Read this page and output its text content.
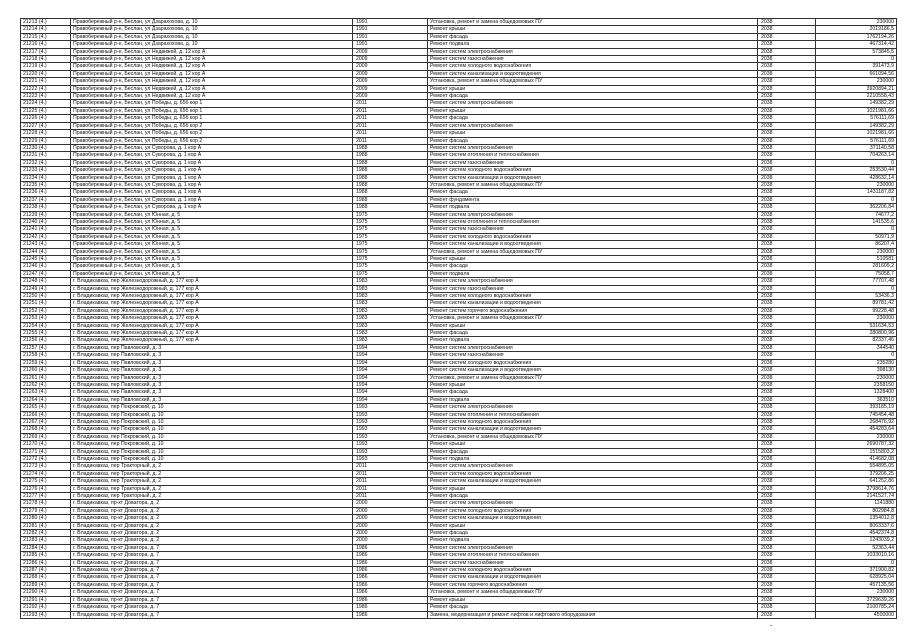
21213 (4.)	Правобережный р-н, Беслан, ул Дзарахохова, д. 10	1991	Установка, ремонт и замена общедомовых ПУ	2038	230000
21214 (4.)	Правобережный р-н, Беслан, ул Дзарахохова, д. 10	1991	Ремонт крыши	2038	2019186,5
21215 (4.)	Правобережный р-н, Беслан, ул Дзарахохова, д. 10	1991	Ремонт фасада	2038	1762194,26
21216 (4.)	Правобережный р-н, Беслан, ул Дзарахохова, д. 10	1991	Ремонт подвала	2038	467314,42
21217 (4.)	Правобережный р-н, Беслан, ул Недвижей, д. 12 кор А	2009	Ремонт систем электроснабжения	2038	573845,5
21218 (4.)	Правобережный р-н, Беслан, ул Недвижей, д. 12 кор А	2009	Ремонт систем газоснабжения	2038	0
21219 (4.)	Правобережный р-н, Беслан, ул Недвижей, д. 12 кор А	2009	Ремонт систем холодного водоснабжения	2038	391473,9
21220 (4.)	Правобережный р-н, Беслан, ул Недвижей, д. 12 кор А	2009	Ремонт систем канализации и водоотведения	2038	661094,56
21221 (4.)	Правобережный р-н, Беслан, ул Недвижей, д. 12 кор А	2009	Установка, ремонт и замена общедомовых ПУ	2038	230000
21222 (4.)	Правобережный р-н, Беслан, ул Недвижей, д. 12 кор А	2009	Ремонт крыши	2038	3920894,21
21223 (4.)	Правобережный р-н, Беслан, ул Недвижей, д. 12 кор А	2009	Ремонт фасада	2038	2210558,43
21224 (4.)	Правобережный р-н, Беслан, ул Победы, д. 65б кор 1	2011	Ремонт систем электроснабжения	2038	149382,29
21225 (4.)	Правобережный р-н, Беслан, ул Победы, д. 65б кор 1	2011	Ремонт крыши	2038	1021981,66
21226 (4.)	Правобережный р-н, Беслан, ул Победы, д. 65б кор 1	2011	Ремонт фасада	2038	576111,69
21227 (4.)	Правобережный р-н, Беслан, ул Победы, д. 65б кор 2	2011	Ремонт систем электроснабжения	2038	149382,29
21228 (4.)	Правобережный р-н, Беслан, ул Победы, д. 65б кор 2	2011	Ремонт крыши	2038	1021981,66
21229 (4.)	Правобережный р-н, Беслан, ул Победы, д. 65б кор 2	2011	Ремонт фасада	2038	576111,69
21230 (4.)	Правобережный р-н, Беслан, ул Суворова, д. 1 кор А	1988	Ремонт систем электроснабжения	2038	371140,58
21231 (4.)	Правобережный р-н, Беслан, ул Суворова, д. 1 кор А	1988	Ремонт систем отопления и теплоснабжения	2038	704263,14
21232 (4.)	Правобережный р-н, Беслан, ул Суворова, д. 1 кор А	1988	Ремонт систем газоснабжения	2038	0
21233 (4.)	Правобережный р-н, Беслан, ул Суворова, д. 1 кор А	1988	Ремонт систем холодного водоснабжения	2038	253530,44
21234 (4.)	Правобережный р-н, Беслан, ул Суворова, д. 1 кор А	1988	Ремонт систем канализации и водоотведения	2038	428632,14
21235 (4.)	Правобережный р-н, Беслан, ул Суворова, д. 1 кор А	1988	Установка, ремонт и замена общедомовых ПУ	2038	230000
21236 (4.)	Правобережный р-н, Беслан, ул Суворова, д. 1 кор А	1988	Ремонт фасада	2038	1431187,82
21237 (4.)	Правобережный р-н, Беслан, ул Суворова, д. 1 кор А	1988	Ремонт фундамента	2038	0
21238 (4.)	Правобережный р-н, Беслан, ул Суворова, д. 1 кор А	1988	Ремонт подвала	2038	362206,84
21239 (4.)	Правобережный р-н, Беслан, ул Юнная, д. 5	1975	Ремонт систем электроснабжения	2038	74677,2
21240 (4.)	Правобережный р-н, Беслан, ул Юнная, д. 5	1975	Ремонт систем отопления и теплоснабжения	2038	141535,6
21241 (4.)	Правобережный р-н, Беслан, ул Юнная, д. 5	1975	Ремонт систем газоснабжения	2038	0
21242 (4.)	Правобережный р-н, Беслан, ул Юнная, д. 5	1975	Ремонт систем холодного водоснабжения	2038	50971,9
21243 (4.)	Правобережный р-н, Беслан, ул Юнная, д. 5	1975	Ремонт систем канализации и водоотведения	2038	86207,4
21244 (4.)	Правобережный р-н, Беслан, ул Юнная, д. 5	1975	Установка, ремонт и замена общедомовых ПУ	2038	230000
21245 (4.)	Правобережный р-н, Беслан, ул Юнная, д. 5	1975	Ремонт крыши	2038	510581
21246 (4.)	Правобережный р-н, Беслан, ул Юнная, д. 5	1975	Ремонт фасада	2038	281609,2
21247 (4.)	Правобережный р-н, Беслан, ул Юнная, д. 5	1975	Ремонт подвала	2038	75058,7
21248 (4.)	г. Владикавказ, пер Железнодорожный, д. 177 кор А	1983	Ремонт систем электроснабжения	2038	77707,48
21249 (4.)	г. Владикавказ, пер Железнодорожный, д. 177 кор А	1983	Ремонт систем газоснабжения	2038	0
21250 (4.)	г. Владикавказ, пер Железнодорожный, д. 177 кор А	1983	Ремонт систем холодного водоснабжения	2038	53436,3
21251 (4.)	г. Владикавказ, пер Железнодорожный, д. 177 кор А	1983	Ремонт систем канализации и водоотведения	2038	89781,42
21252 (4.)	г. Владикавказ, пер Железнодорожный, д. 177 кор А	1983	Ремонт систем горячего водоснабжения	2038	99228,48
21253 (4.)	г. Владикавказ, пер Железнодорожный, д. 177 кор А	1983	Установка, ремонт и замена общедомовых ПУ	2038	230000
21254 (4.)	г. Владикавказ, пер Железнодорожный, д. 177 кор А	1983	Ремонт крыши	2038	531634,53
21255 (4.)	г. Владикавказ, пер Железнодорожный, д. 177 кор А	1983	Ремонт фасада	2038	280800,96
21256 (4.)	г. Владикавказ, пер Железнодорожный, д. 177 кор А	1983	Ремонт подвала	2038	82337,46
21257 (4.)	г. Владикавказ, пер Павловский, д. 3	1994	Ремонт систем электроснабжения	2038	344540
21258 (4.)	г. Владикавказ, пер Павловский, д. 3	1994	Ремонт систем газоснабжения	2038	0
21259 (4.)	г. Владикавказ, пер Павловский, д. 3	1994	Ремонт систем холодного водоснабжения	2038	235280
21260 (4.)	г. Владикавказ, пер Павловский, д. 3	1994	Ремонт систем канализации и водоотведения	2038	398130
21261 (4.)	г. Владикавказ, пер Павловский, д. 3	1994	Установка, ремонт и замена общедомовых ПУ	2038	230000
21262 (4.)	г. Владикавказ, пер Павловский, д. 3	1994	Ремонт крыши	2038	2358150
21263 (4.)	г. Владикавказ, пер Павловский, д. 3	1994	Ремонт фасада	2038	1328400
21264 (4.)	г. Владикавказ, пер Павловский, д. 3	1994	Ремонт подвала	2038	363510
21265 (4.)	г. Владикавказ, пер Покровский, д. 10	1993	Ремонт систем электроснабжения	2038	393185,19
21266 (4.)	г. Владикавказ, пер Покровский, д. 10	1993	Ремонт систем отопления и теплоснабжения	2038	745454,48
21267 (4.)	г. Владикавказ, пер Покровский, д. 10	1993	Ремонт систем холодного водоснабжения	2038	268476,92
21268 (4.)	г. Владикавказ, пер Покровский, д. 10	1993	Ремонт систем канализации и водоотведения	2038	454283,64
21269 (4.)	г. Владикавказ, пер Покровский, д. 10	1993	Установка, ремонт и замена общедомовых ПУ	2038	230000
21270 (4.)	г. Владикавказ, пер Покровский, д. 10	1993	Ремонт крыши	2038	2690787,32
21271 (4.)	г. Владикавказ, пер Покровский, д. 10	1993	Ремонт фасада	2038	1515803,2
21272 (4.)	г. Владикавказ, пер Покровский, д. 10	1993	Ремонт подвала	2038	414682,08
21273 (4.)	г. Владикавказ, пер Тракторный, д. 2	2011	Ремонт систем электроснабжения	2038	554895,05
21274 (4.)	г. Владикавказ, пер Тракторный, д. 2	2011	Ремонт систем холодного водоснабжения	2038	379206,25
21275 (4.)	г. Владикавказ, пер Тракторный, д. 2	2011	Ремонт систем канализации и водоотведения	2038	641252,86
21276 (4.)	г. Владикавказ, пер Тракторный, д. 2	2011	Ремонт крыши	2038	3798614,76
21277 (4.)	г. Владикавказ, пер Тракторный, д. 2	2011	Ремонт фасада	2038	2141527,74
21278 (4.)	г. Владикавказ, пр-кт Доватора, д. 2	2000	Ремонт систем электроснабжения	2038	1141880
21279 (4.)	г. Владикавказ, пр-кт Доватора, д. 2	2000	Ремонт систем холодного водоснабжения	2038	802984,8
21280 (4.)	г. Владикавказ, пр-кт Доватора, д. 2	2000	Ремонт систем канализации и водоотведения	2038	1354012,8
21281 (4.)	г. Владикавказ, пр-кт Доватора, д. 2	2000	Ремонт крыши	2038	8063337,6
21282 (4.)	г. Владикавказ, пр-кт Доватора, д. 2	2000	Ремонт фасада	2038	4542374,8
21283 (4.)	г. Владикавказ, пр-кт Доватора, д. 2	2000	Ремонт подвала	2038	1243039,2
21284 (4.)	г. Владикавказ, пр-кт Доватора, д. 7	1986	Ремонт систем электроснабжения	2038	52363,44
21285 (4.)	г. Владикавказ, пр-кт Доватора, д. 7	1986	Ремонт систем отопления и теплоснабжения	2038	1033010,16
21286 (4.)	г. Владикавказ, пр-кт Доватора, д. 7	1986	Ремонт систем газоснабжения	2038	0
21287 (4.)	г. Владикавказ, пр-кт Доватора, д. 7	1986	Ремонт систем холодного водоснабжения	2038	371900,82
21288 (4.)	г. Владикавказ, пр-кт Доватора, д. 7	1986	Ремонт систем канализации и водоотведения	2038	628925,04
21289 (4.)	г. Владикавказ, пр-кт Доватора, д. 7	1986	Ремонт систем горячего водоснабжения	2038	457135,56
21290 (4.)	г. Владикавказ, пр-кт Доватора, д. 7	1986	Установка, ремонт и замена общедомовых ПУ	2038	230000
21291 (4.)	г. Владикавказ, пр-кт Доватора, д. 7	1986	Ремонт крыши	2038	3729639,26
21292 (4.)	г. Владикавказ, пр-кт Доватора, д. 7	1986	Ремонт фасада	2038	2100785,24
21293 (4.)	г. Владикавказ, пр-кт Доватора, д. 7	1986	Замена, модернизация и ремонт лифтов и лифтового оборудования	2038	4500000
